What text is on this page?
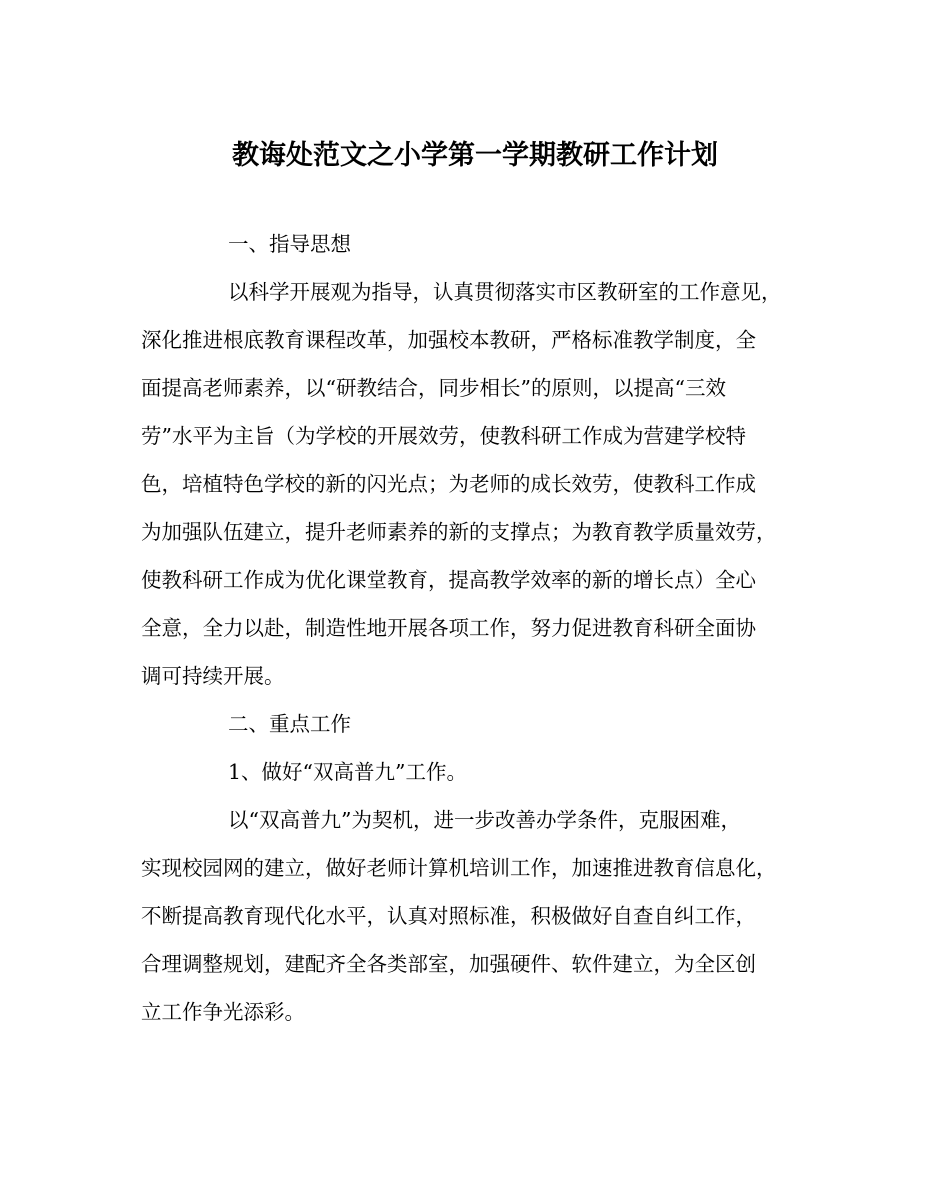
教诲处范文之小学第一学期教研工作计划
一、指导思想
以科学开展观为指导，认真贯彻落实市区教研室的工作意见，
深化推进根底教育课程改革，加强校本教研，严格标准教学制度，全
面提高老师素养，以“研教结合，同步相长”的原则，以提高“三效
劳”水平为主旨（为学校的开展效劳，使教科研工作成为营建学校特
色，培植特色学校的新的闪光点；为老师的成长效劳，使教科工作成
为加强队伍建立，提升老师素养的新的支撑点；为教育教学质量效劳，
使教科研工作成为优化课堂教育，提高教学效率的新的增长点）全心
全意，全力以赴，制造性地开展各项工作，努力促进教育科研全面协
调可持续开展。
二、重点工作
1、做好“双高普九”工作。
以“双高普九”为契机，进一步改善办学条件，克服困难，
实现校园网的建立，做好老师计算机培训工作，加速推进教育信息化，
不断提高教育现代化水平，认真对照标准，积极做好自查自纠工作，
合理调整规划，建配齐全各类部室，加强硬件、软件建立，为全区创
立工作争光添彩。
